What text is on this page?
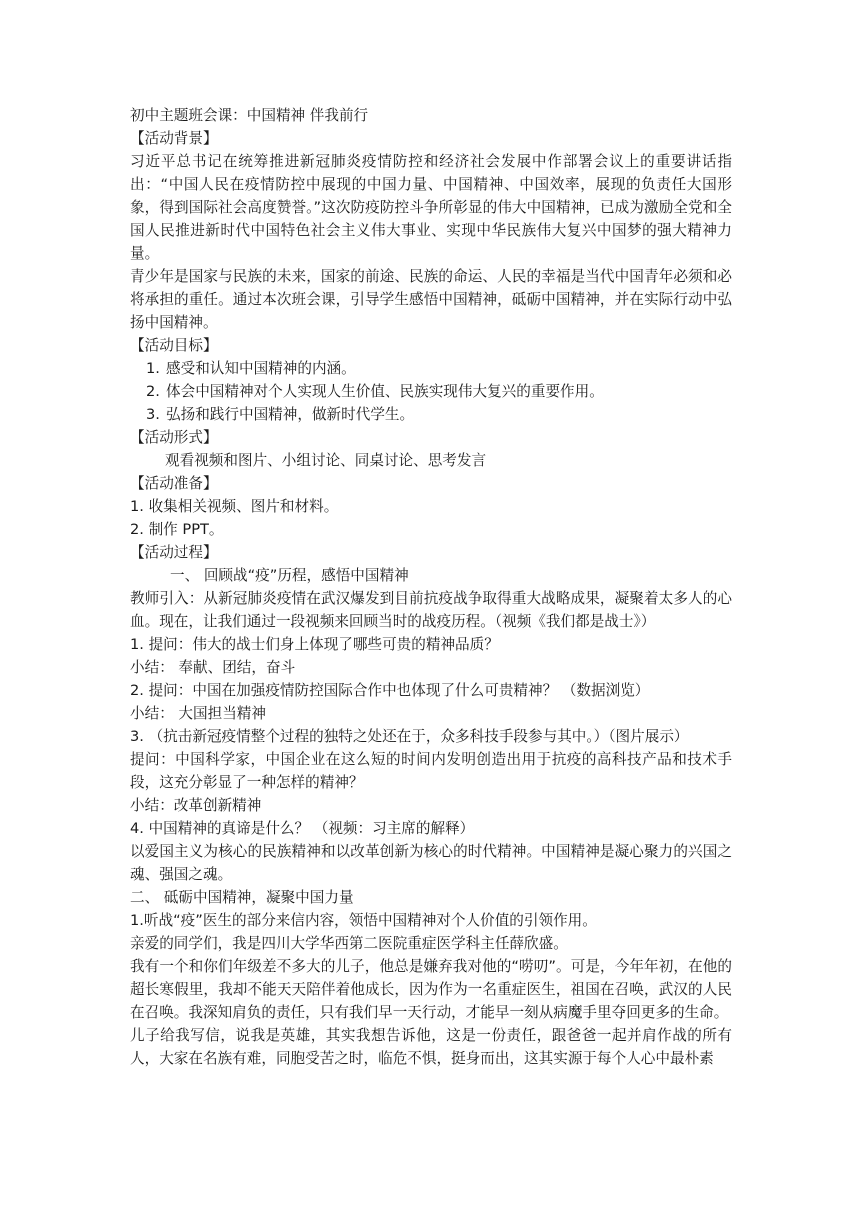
初中主题班会课：中国精神 伴我前行

【活动背景】

习近平总书记在统筹推进新冠肺炎疫情防控和经济社会发展中作部署会议上的重要讲话指出：“中国人民在疫情防控中展现的中国力量、中国精神、中国效率，展现的负责任大国形象，得到国际社会高度赞誉。”这次防疫防控斗争所彰显的伟大中国精神，已成为激励全党和全国人民推进新时代中国特色社会主义伟大事业、实现中华民族伟大复兴中国梦的强大精神力量。

青少年是国家与民族的未来，国家的前途、民族的命运、人民的幸福是当代中国青年必须和必将承担的重任。通过本次班会课，引导学生感悟中国精神，砥砺中国精神，并在实际行动中弘扬中国精神。

【活动目标】

1. 感受和认知中国精神的内涵。

2. 体会中国精神对个人实现人生价值、民族实现伟大复兴的重要作用。

3. 弘扬和践行中国精神，做新时代学生。

【活动形式】

观看视频和图片、小组讨论、同桌讨论、思考发言

【活动准备】

1. 收集相关视频、图片和材料。

2. 制作 PPT。

【活动过程】

一、 回顾战“疫”历程，感悟中国精神

教师引入：从新冠肺炎疫情在武汉爆发到目前抗疫战争取得重大战略成果，凝聚着太多人的心血。现在，让我们通过一段视频来回顾当时的战疫历程。（视频《我们都是战士》）

1. 提问：伟大的战士们身上体现了哪些可贵的精神品质？

小结： 奉献、团结，奋斗

2. 提问：中国在加强疫情防控国际合作中也体现了什么可贵精神？ （数据浏览）

小结： 大国担当精神

3. （抗击新冠疫情整个过程的独特之处还在于，众多科技手段参与其中。）（图片展示）

提问：中国科学家，中国企业在这么短的时间内发明创造出用于抗疫的高科技产品和技术手段，这充分彰显了一种怎样的精神？

小结：改革创新精神

4. 中国精神的真谛是什么？ （视频：习主席的解释）

以爱国主义为核心的民族精神和以改革创新为核心的时代精神。中国精神是凝心聚力的兴国之魂、强国之魂。

二、 砥砺中国精神，凝聚中国力量

1.听战“疫”医生的部分来信内容，领悟中国精神对个人价值的引领作用。

亲爱的同学们，我是四川大学华西第二医院重症医学科主任薛欣盛。

我有一个和你们年级差不多大的儿子，他总是嫌弃我对他的“唠叨”。可是，今年年初，在他的超长寒假里，我却不能天天陪伴着他成长，因为作为一名重症医生，祖国在召唤，武汉的人民在召唤。我深知肩负的责任，只有我们早一天行动，才能早一刻从病魔手里夺回更多的生命。

儿子给我写信，说我是英雄，其实我想告诉他，这是一份责任，跟爸爸一起并肩作战的所有人，大家在名族有难，同胞受苦之时，临危不惧，挺身而出，这其实源于每个人心中最朴素
